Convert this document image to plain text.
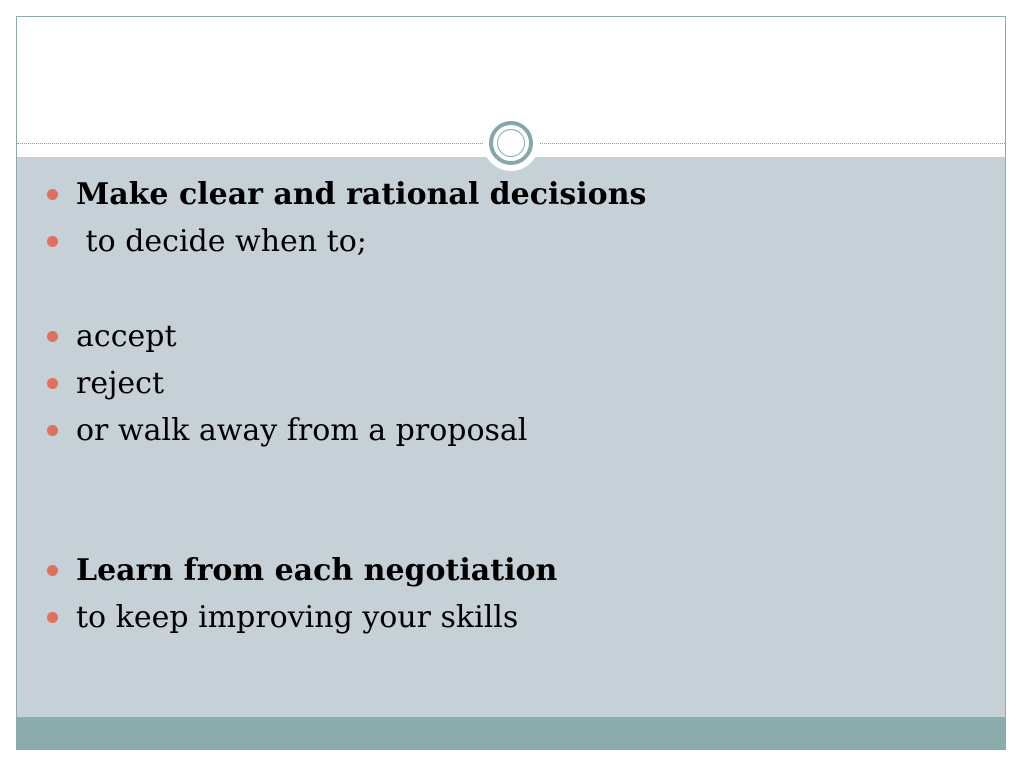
Make clear and rational decisions
to decide when to;
accept
reject
or walk away from a proposal
Learn from each negotiation
to keep improving your skills
